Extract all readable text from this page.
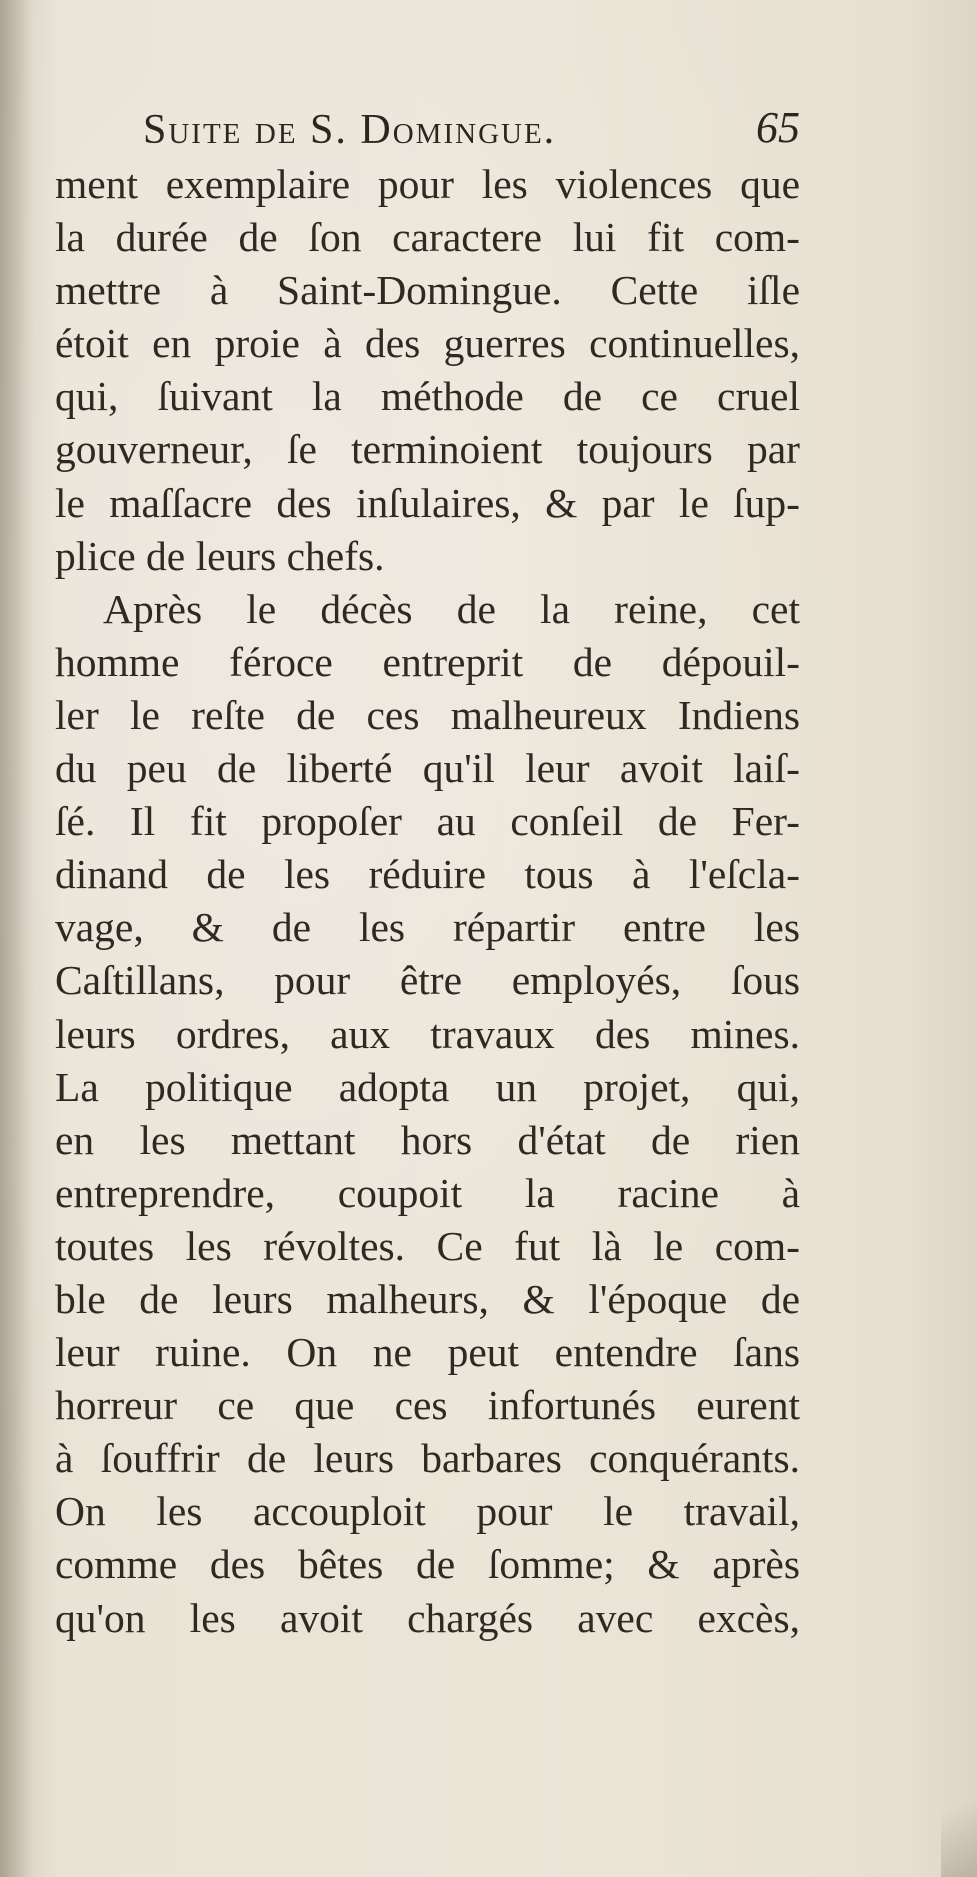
Suite de S. Domingue.	65
ment exemplaire pour les violences que
la durée de ſon caractere lui fit com-
mettre à Saint-Domingue. Cette iſle
étoit en proie à des guerres continuelles,
qui, ſuivant la méthode de ce cruel
gouverneur, ſe terminoient toujours par
le maſſacre des inſulaires, & par le ſup-
plice de leurs chefs.
Après le décès de la reine, cet
homme féroce entreprit de dépouil-
ler le reſte de ces malheureux Indiens
du peu de liberté qu'il leur avoit laiſ-
ſé. Il fit propoſer au conſeil de Fer-
dinand de les réduire tous à l'eſcla-
vage, & de les répartir entre les
Caſtillans, pour être employés, ſous
leurs ordres, aux travaux des mines.
La politique adopta un projet, qui,
en les mettant hors d'état de rien
entreprendre, coupoit la racine à
toutes les révoltes. Ce fut là le com-
ble de leurs malheurs, & l'époque de
leur ruine. On ne peut entendre ſans
horreur ce que ces infortunés eurent
à ſouffrir de leurs barbares conquérants.
On les accouploit pour le travail,
comme des bêtes de ſomme; & après
qu'on les avoit chargés avec excès,
